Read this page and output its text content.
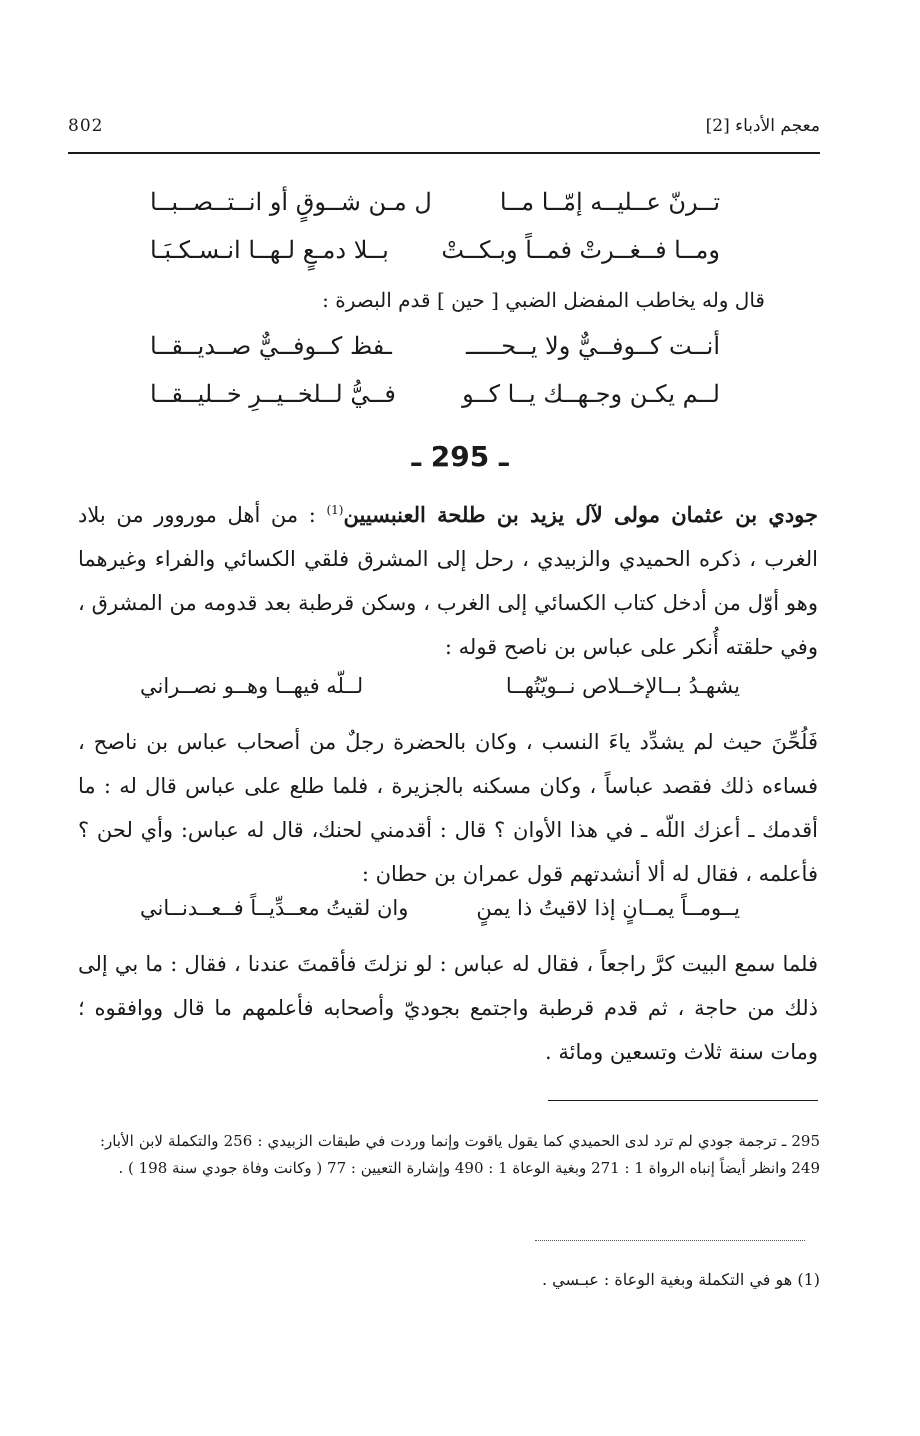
معجم الأدباء [2]
802
تــرنّ عــليــه إمّــا مــا
ل مـن شــوقٍ أو انــتــصــبــا
ومــا فــغــرتْ فمــاً وبـكــتْ
بــلا دمـعٍ لـهــا انـسـكـبَـا
قال وله يخاطب المفضل الضبي [ حين ] قدم البصرة :
أنــت كــوفــيٌّ ولا يــحـــــ
ـفظ كــوفــيٌّ صــديــقــا
لــم يكـن وجـهــك يــا كــو
فــيُّ لــلخــيــرِ خــليــقــا
ـ 295 ـ
جودي بن عثمان مولى لآل يزيد بن طلحة العنبسيين$^{(1)}$ : من أهل موروور من بلاد الغرب ، ذكره الحميدي والزبيدي ، رحل إلى المشرق فلقي الكسائي والفراء وغيرهما وهو أوّل من أدخل كتاب الكسائي إلى الغرب ، وسكن قرطبة بعد قدومه من المشرق ، وفي حلقته أُنكر على عباس بن ناصح قوله :
يشهـدُ بــالإخــلاص نــويّتُهــا
لــلّه فيهــا وهــو نصــراني
فَلُحِّنَ حيث لم يشدِّد ياءَ النسب ، وكان بالحضرة رجلٌ من أصحاب عباس بن ناصح ، فساءه ذلك فقصد عباساً ، وكان مسكنه بالجزيرة ، فلما طلع على عباس قال له : ما أقدمك ـ أعزك اللّه ـ في هذا الأوان ؟ قال : أقدمني لحنك، قال له عباس: وأي لحن ؟ فأعلمه ، فقال له ألا أنشدتهم قول عمران بن حطان :
يــومــاً يمــانٍ إذا لاقيتُ ذا يمنٍ
وان لقيتُ معــدِّيــاً فــعــدنــاني
فلما سمع البيت كرَّ راجعاً ، فقال له عباس : لو نزلتَ فأقمتَ عندنا ، فقال : ما بي إلى ذلك من حاجة ، ثم قدم قرطبة واجتمع بجوديّ وأصحابه فأعلمهم ما قال ووافقوه ؛ ومات سنة ثلاث وتسعين ومائة .
295 ـ ترجمة جودي لم ترد لدى الحميدي كما يقول ياقوت وإنما وردت في طبقات الزبيدي : 256 والتكملة لابن الأبار: 249 وانظر أيضاً إنباه الرواة 1 : 271 وبغية الوعاة 1 : 490 وإشارة التعيين : 77 ( وكانت وفاة جودي سنة 198 ) .
(1) هو في التكملة وبغية الوعاة : عبـسي .
